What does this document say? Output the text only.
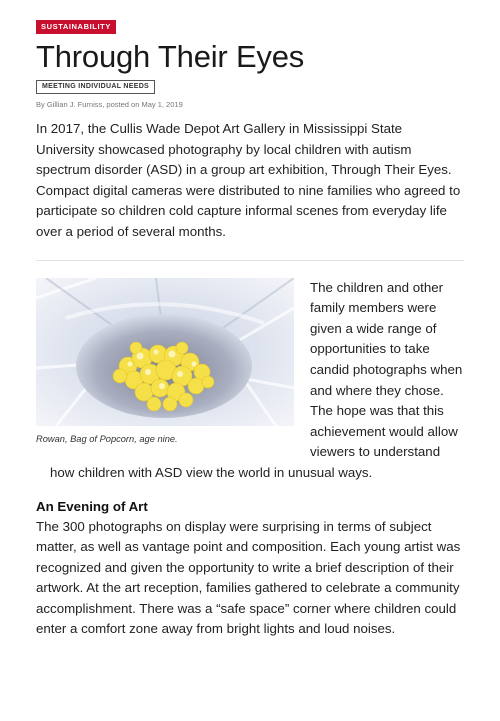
SUSTAINABILITY
Through Their Eyes
MEETING INDIVIDUAL NEEDS
By Gillian J. Furniss, posted on May 1, 2019

In 2017, the Cullis Wade Depot Art Gallery in Mississippi State University showcased photography by local children with autism spectrum disorder (ASD) in a group art exhibition, Through Their Eyes. Compact digital cameras were distributed to nine families who agreed to participate so children cold capture informal scenes from everyday life over a period of several months.

Rowan, Bag of Popcorn, age nine.

The children and other family members were given a wide range of opportunities to take candid photographs when and where they chose. The hope was that this achievement would allow viewers to understand how children with ASD view the world in unusual ways.

An Evening of Art

The 300 photographs on display were surprising in terms of subject matter, as well as vantage point and composition. Each young artist was recognized and given the opportunity to write a brief description of their artwork. At the art reception, families gathered to celebrate a community accomplishment. There was a “safe space” corner where children could enter a comfort zone away from bright lights and loud noises.
